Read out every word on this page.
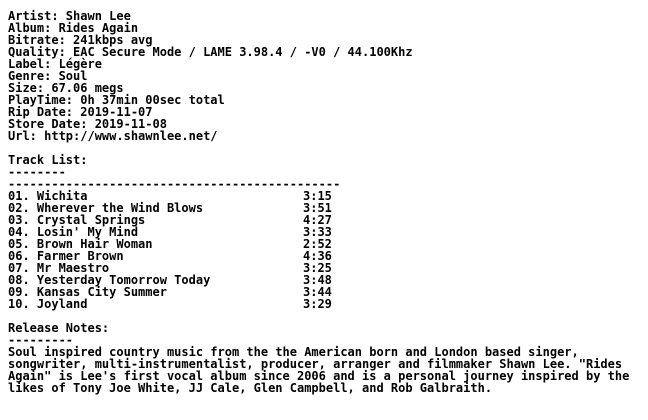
Artist: Shawn Lee
Album: Rides Again
Bitrate: 241kbps avg
Quality: EAC Secure Mode / LAME 3.98.4 / -V0 / 44.100Khz
Label: Légère
Genre: Soul
Size: 67.06 megs
PlayTime: 0h 37min 00sec total
Rip Date: 2019-11-07
Store Date: 2019-11-08
Url: http://www.shawnlee.net/
Track List:
--------
----------------------------------------------
01. Wichita	3:15
02. Wherever the Wind Blows	3:51
03. Crystal Springs	4:27
04. Losin' My Mind	3:33
05. Brown Hair Woman	2:52
06. Farmer Brown	4:36
07. Mr Maestro	3:25
08. Yesterday Tomorrow Today	3:48
09. Kansas City Summer	3:44
10. Joyland	3:29
Release Notes:
---------
Soul inspired country music from the the American born and London based singer, songwriter, multi-instrumentalist, producer, arranger and filmmaker Shawn Lee. "Rides Again" is Lee's first vocal album since 2006 and is a personal journey inspired by the likes of Tony Joe White, JJ Cale, Glen Campbell, and Rob Galbraith.
